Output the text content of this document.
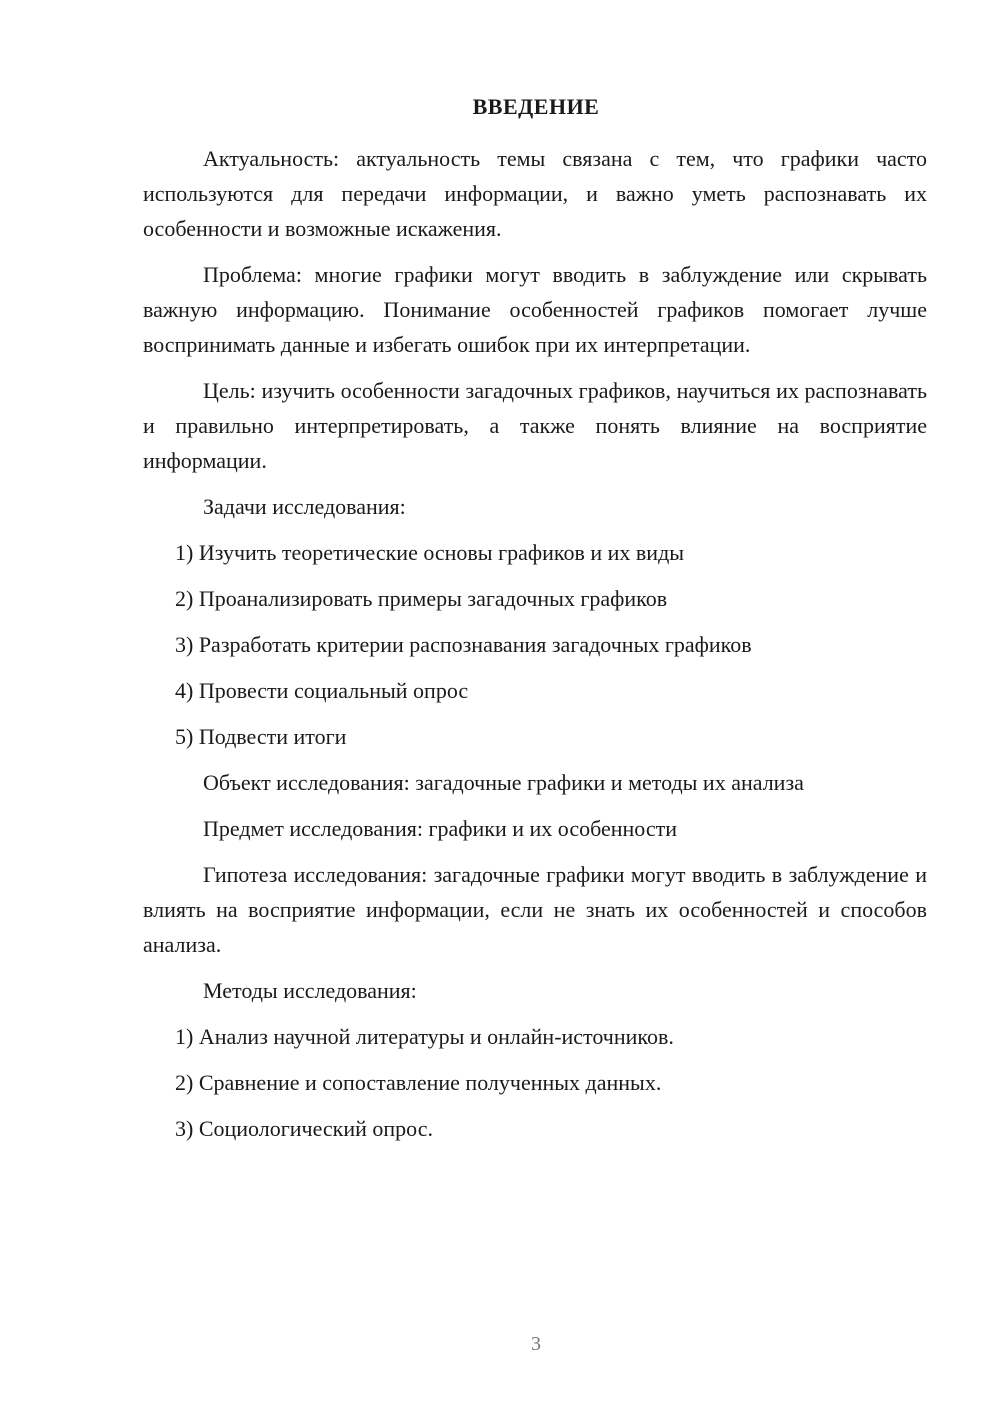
ВВЕДЕНИЕ

Актуальность: актуальность темы связана с тем, что графики часто используются для передачи информации, и важно уметь распознавать их особенности и возможные искажения.

Проблема: многие графики могут вводить в заблуждение или скрывать важную информацию. Понимание особенностей графиков помогает лучше воспринимать данные и избегать ошибок при их интерпретации.

Цель: изучить особенности загадочных графиков, научиться их распознавать и правильно интерпретировать, а также понять влияние на восприятие информации.

Задачи исследования:

1) Изучить теоретические основы графиков и их виды

2) Проанализировать примеры загадочных графиков

3) Разработать критерии распознавания загадочных графиков

4) Провести социальный опрос

5) Подвести итоги

Объект исследования: загадочные графики и методы их анализа

Предмет исследования: графики и их особенности

Гипотеза исследования: загадочные графики могут вводить в заблуждение и влиять на восприятие информации, если не знать их особенностей и способов анализа.

Методы исследования:

1) Анализ научной литературы и онлайн-источников.

2) Сравнение и сопоставление полученных данных.

3) Социологический опрос.

3
